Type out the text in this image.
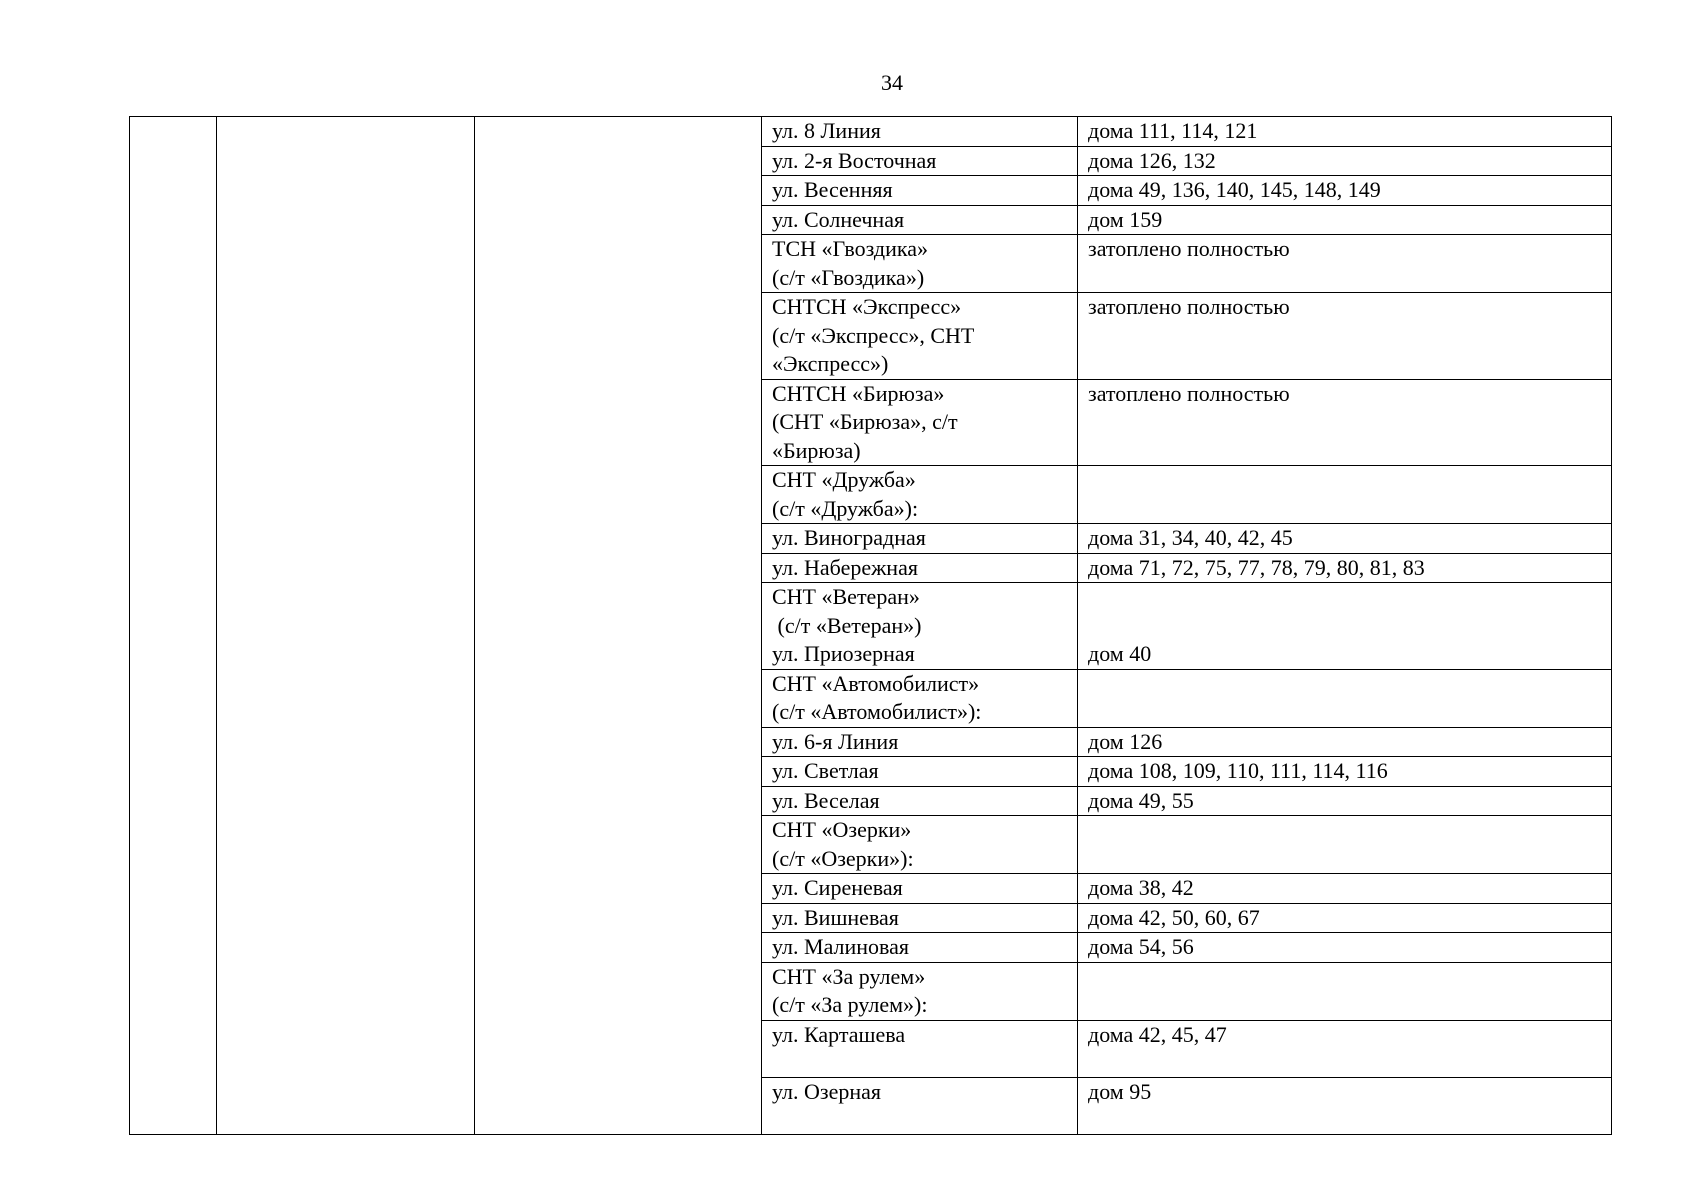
34
			ул. 8 Линия	дома 111, 114, 121
			ул. 2-я Восточная	дома 126, 132
			ул. Весенняя	дома 49, 136, 140, 145, 148, 149
			ул. Солнечная	дом 159
			ТСН «Гвоздика»
(с/т «Гвоздика»)	затоплено полностью
			СНТСН «Экспресс»
(с/т «Экспресс», СНТ
«Экспресс»)	затоплено полностью
			СНТСН «Бирюза»
(СНТ «Бирюза», с/т
«Бирюза)	затоплено полностью
			СНТ «Дружба»
(с/т «Дружба»):	
			ул. Виноградная	дома 31, 34, 40, 42, 45
			ул. Набережная	дома 71, 72, 75, 77, 78, 79, 80, 81, 83
			СНТ «Ветеран»
(с/т «Ветеран»)
ул. Приозерная	дом 40
			СНТ «Автомобилист»
(с/т «Автомобилист»):	
			ул. 6-я Линия	дом 126
			ул. Светлая	дома 108, 109, 110, 111, 114, 116
			ул. Веселая	дома 49, 55
			СНТ «Озерки»
(с/т «Озерки»):	
			ул. Сиреневая	дома 38, 42
			ул. Вишневая	дома 42, 50, 60, 67
			ул. Малиновая	дома 54, 56
			СНТ «За рулем»
(с/т «За рулем»):	
			ул. Карташева	дома 42, 45, 47
			ул. Озерная	дом 95
